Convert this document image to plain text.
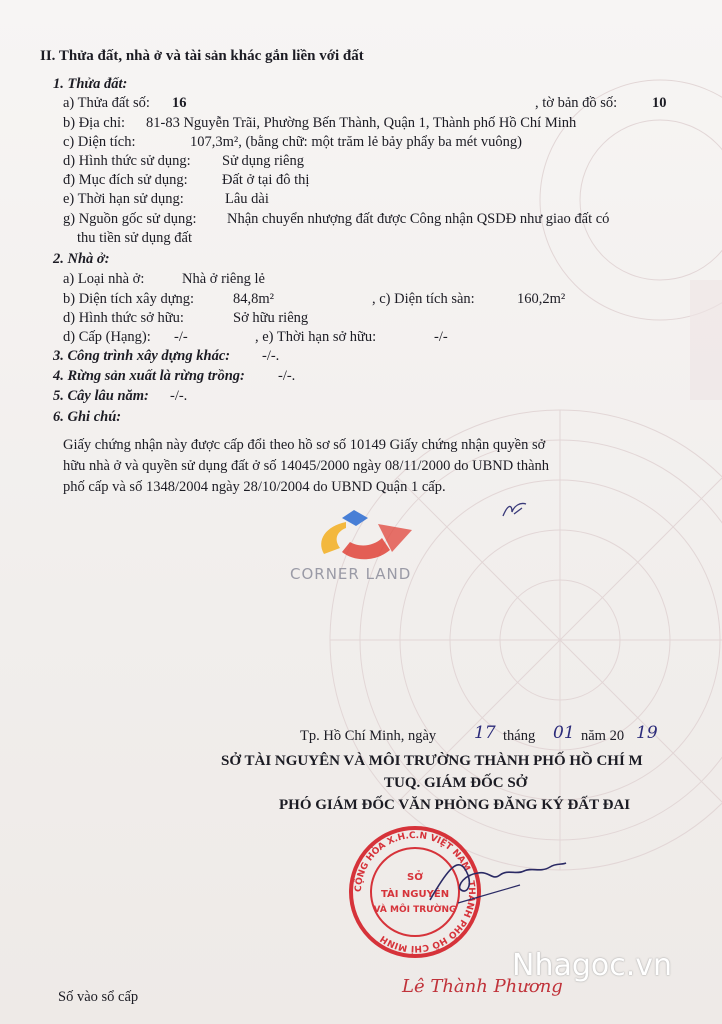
II. Thửa đất, nhà ở và tài sản khác gắn liền với đất
1. Thửa đất:
a) Thửa đất số: 16	, tờ bản đồ số: 10
b) Địa chỉ: 81-83 Nguyễn Trãi, Phường Bến Thành, Quận 1, Thành phố Hồ Chí Minh
c) Diện tích:	107,3m², (bằng chữ: một trăm lẻ bảy phẩy ba mét vuông)
d) Hình thức sử dụng: Sử dụng riêng
đ) Mục đích sử dụng: Đất ở tại đô thị
e) Thời hạn sử dụng:	Lâu dài
g) Nguồn gốc sử dụng: Nhận chuyển nhượng đất được Công nhận QSDĐ như giao đất có
thu tiền sử dụng đất
2. Nhà ở:
a) Loại nhà ở:	Nhà ở riêng lẻ
b) Diện tích xây dựng:	84,8m²	, c) Diện tích sàn:	160,2m²
d) Hình thức sở hữu:	Sở hữu riêng
d) Cấp (Hạng): -/-	, e) Thời hạn sở hữu:	-/-
3. Công trình xây dựng khác: -/-.
4. Rừng sản xuất là rừng trồng: -/-.
5. Cây lâu năm: -/-.
6. Ghi chú:
Giấy chứng nhận này được cấp đổi theo hồ sơ số 10149 Giấy chứng nhận quyền sở
hữu nhà ở và quyền sử dụng đất ở số 14045/2000 ngày 08/11/2000 do UBND thành
phố cấp và số 1348/2004 ngày 28/10/2004 do UBND Quận 1 cấp.
CORNER LAND
Tp. Hồ Chí Minh, ngày 17 tháng 01 năm 20 19
SỞ TÀI NGUYÊN VÀ MÔI TRƯỜNG THÀNH PHỐ HỒ CHÍ M
TUQ. GIÁM ĐỐC SỞ
PHÓ GIÁM ĐỐC VĂN PHÒNG ĐĂNG KÝ ĐẤT ĐAI
CỘNG HÒA X.H.C.N VIỆT NAM · THÀNH PHỐ HỒ CHÍ MINH
SỞ
TÀI NGUYÊN
VÀ MÔI TRƯỜNG
Nhagoc.vn
Lê Thành Phương
Số vào sổ cấp
